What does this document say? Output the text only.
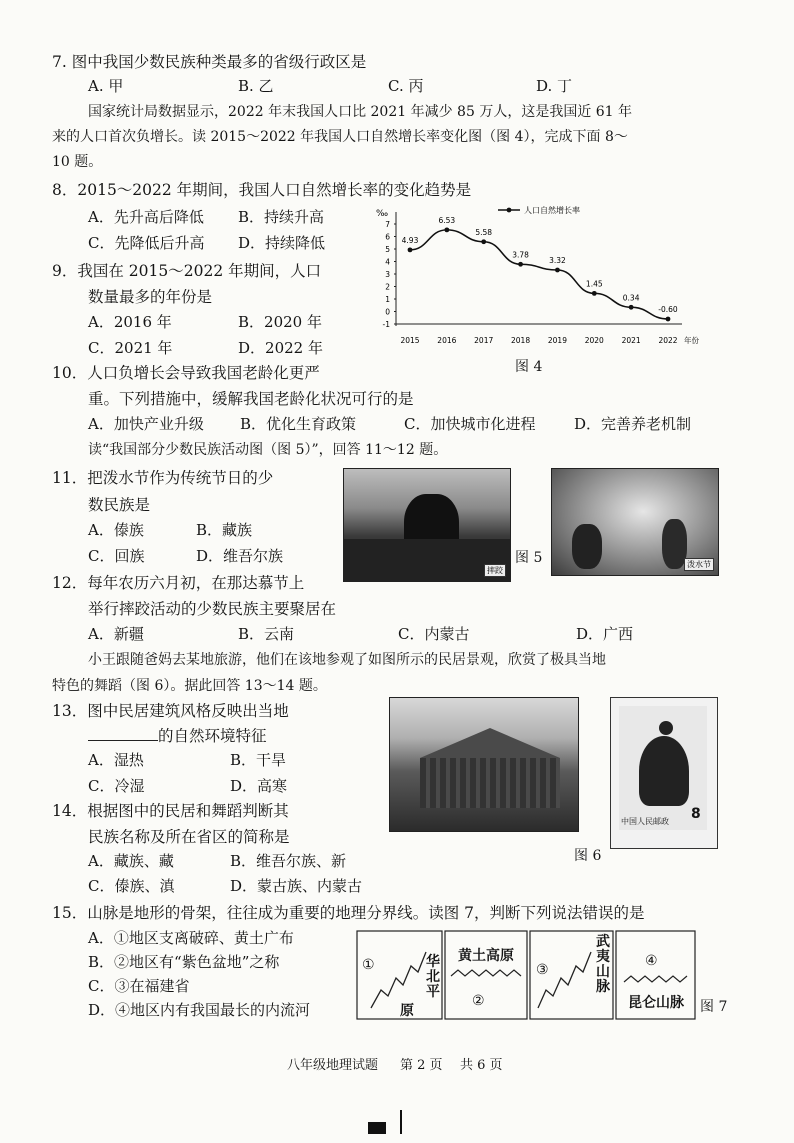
7. 图中我国少数民族种类最多的省级行政区是
A. 甲	B. 乙	C. 丙	D. 丁
国家统计局数据显示，2022 年末我国人口比 2021 年减少 85 万人，这是我国近 61 年
来的人口首次负增长。读 2015～2022 年我国人口自然增长率变化图（图 4），完成下面 8～
10 题。
8．2015～2022 年期间，我国人口自然增长率的变化趋势是
A．先升高后降低 B．持续升高
C．先降低后升高 D．持续降低
9．我国在 2015～2022 年期间，人口
数量最多的年份是
A．2016 年	B．2020 年
C．2021 年	D．2022 年
‰
7
6
5
4
3
2
1
0
-1
2015 2016 2017 2018 2019 2020 2021 2022 年份
4.93
6.53
5.58
3.78
3.32
1.45
0.34
-0.60
人口自然增长率
图 4
10．人口负增长会导致我国老龄化更严
重。下列措施中，缓解我国老龄化状况可行的是
A．加快产业升级 B．优化生育政策	C．加快城市化进程	D．完善养老机制
读“我国部分少数民族活动图（图 5）”，回答 11～12 题。
11．把泼水节作为传统节日的少
数民族是
A．傣族	B．藏族
C．回族	D．维吾尔族
摔跤
图 5	泼水节
12．每年农历六月初，在那达慕节上
举行摔跤活动的少数民族主要聚居在
A．新疆	B．云南	C．内蒙古	D．广西
小王跟随爸妈去某地旅游，他们在该地参观了如图所示的民居景观，欣赏了极具当地
特色的舞蹈（图 6）。据此回答 13～14 题。
13．图中民居建筑风格反映出当地
的自然环境特征
A．湿热	B．干旱
C．冷湿	D．高寒
中国人民邮政 8
图 6
14．根据图中的民居和舞蹈判断其
民族名称及所在省区的简称是
A．藏族、藏	B．维吾尔族、新
C．傣族、滇	D．蒙古族、内蒙古
15．山脉是地形的骨架，往往成为重要的地理分界线。读图 7，判断下列说法错误的是
A．①地区支离破碎、黄土广布
B．②地区有“紫色盆地”之称
C．③在福建省
D．④地区内有我国最长的内流河
①	华
北
平
原
黄土高原
②
③
武
夷
山
脉
④
昆仑山脉 图 7
八年级地理试题 第 2 页 共 6 页
